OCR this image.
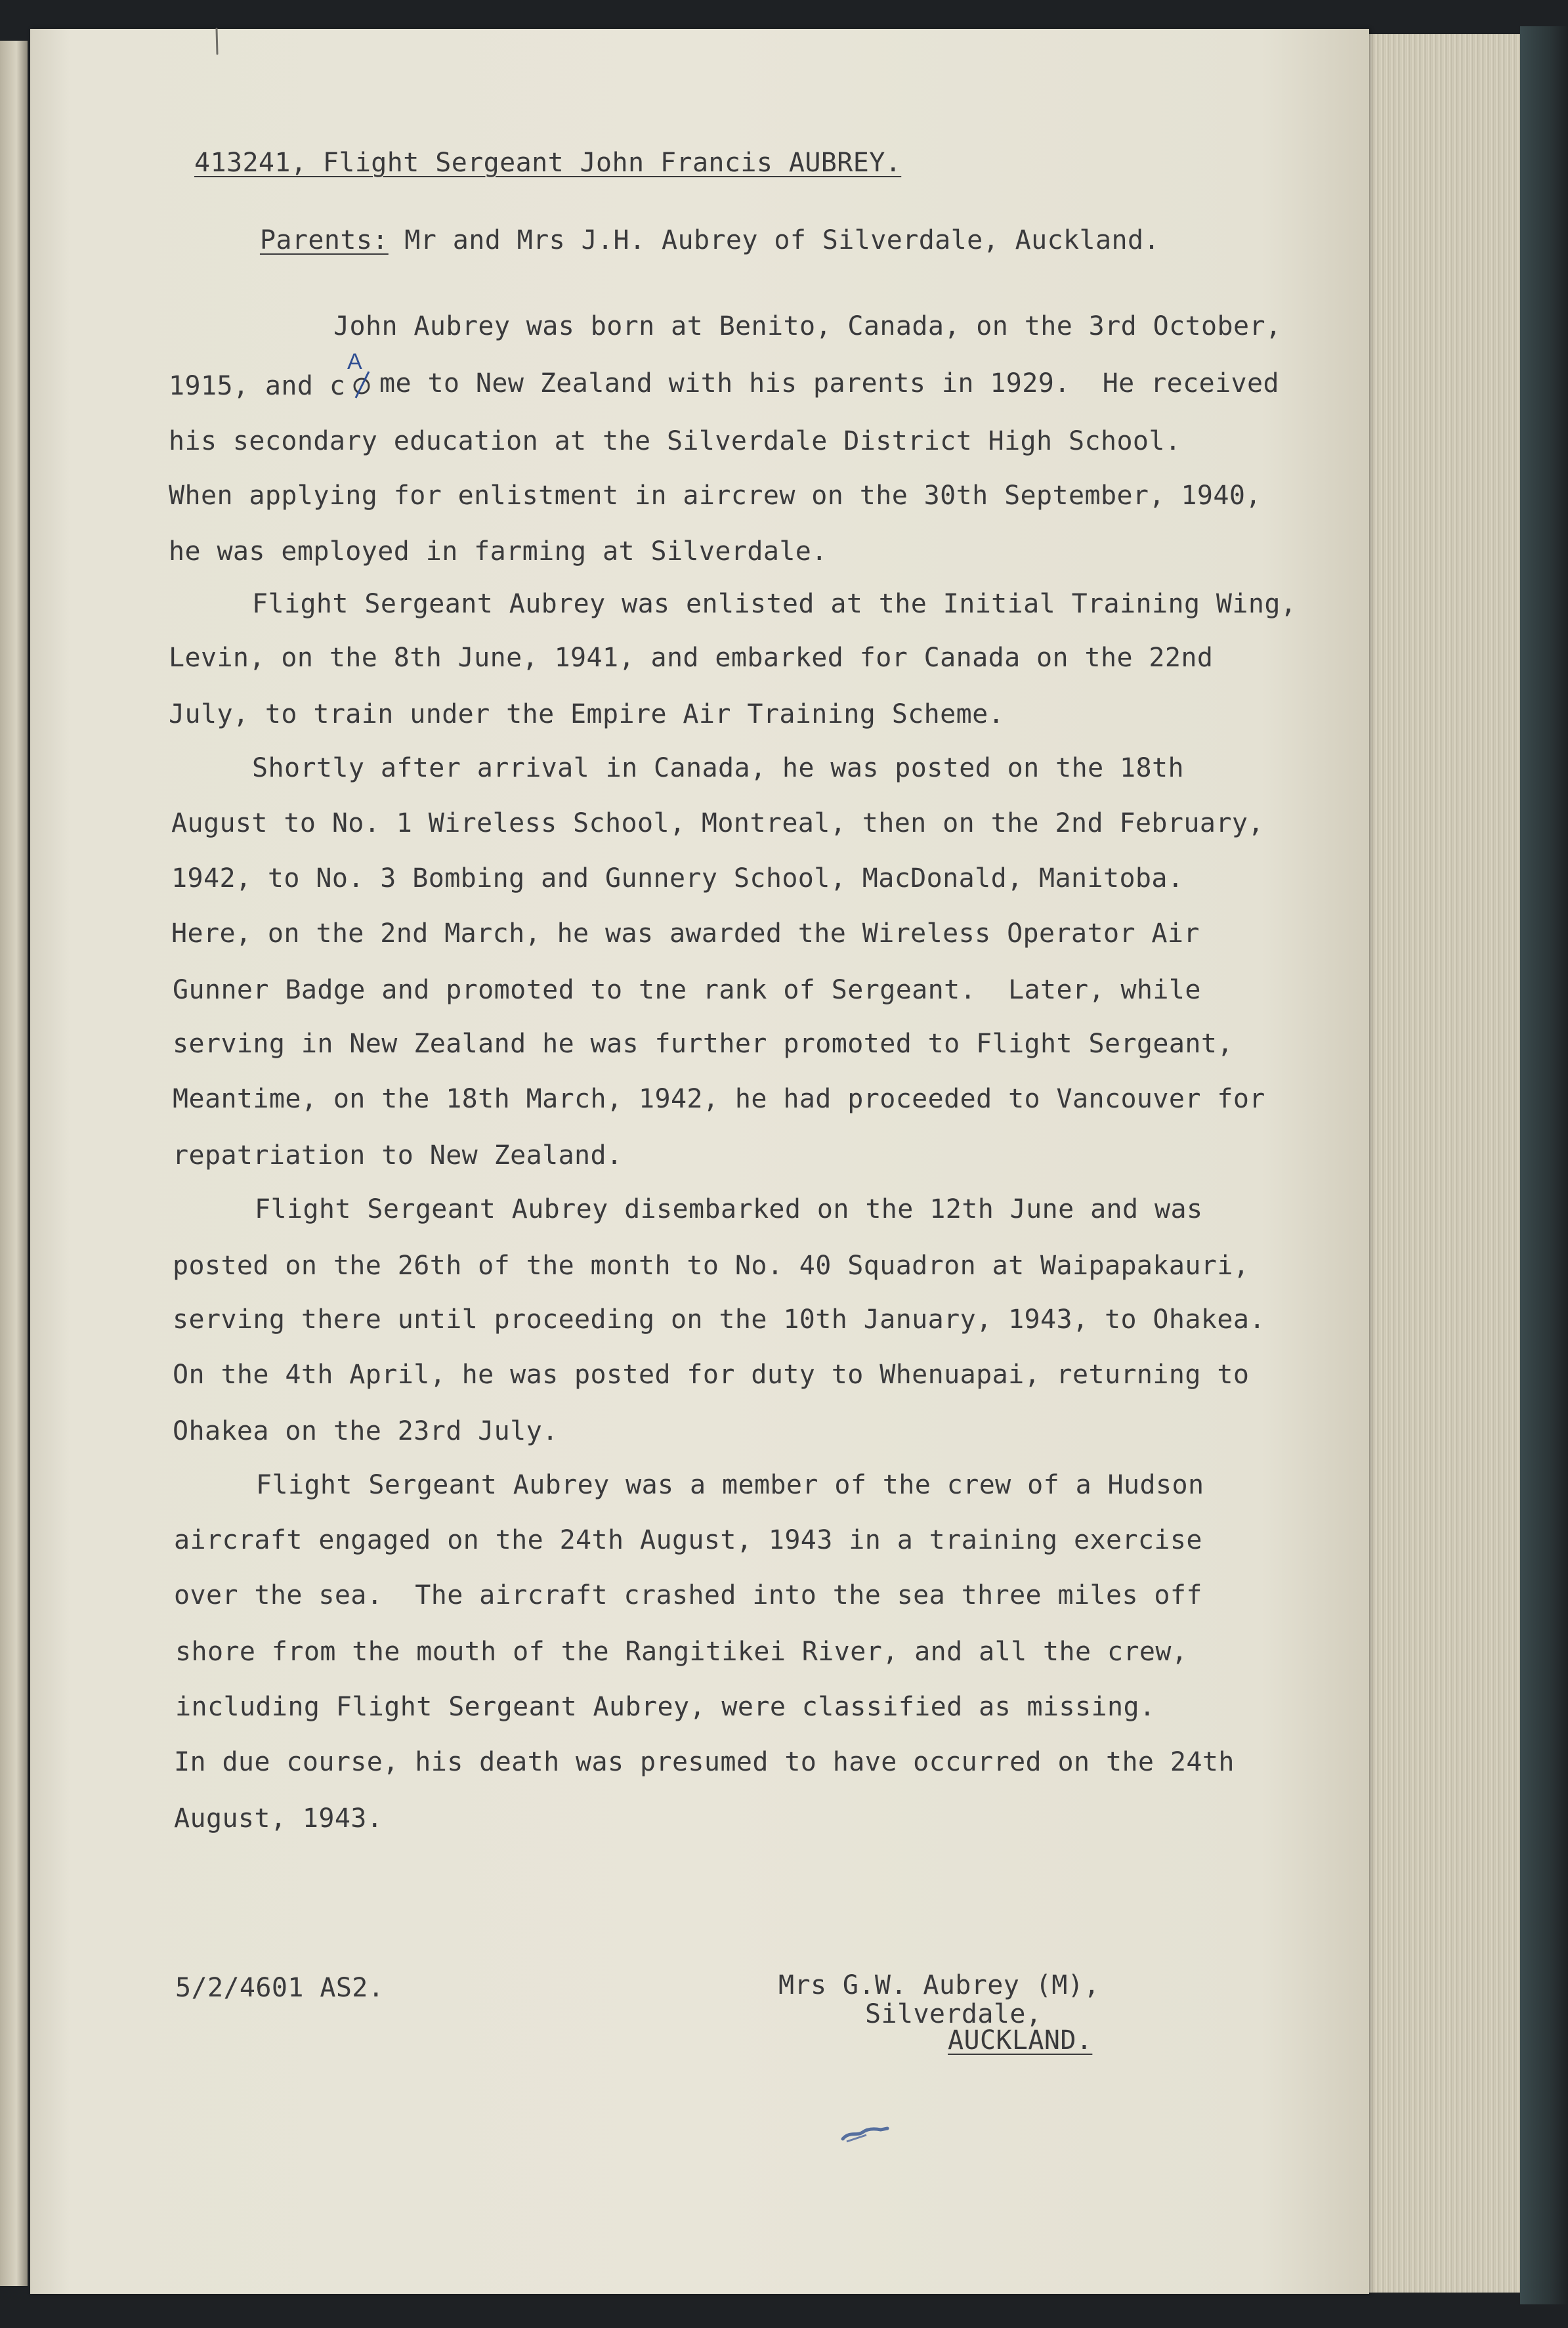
413241, Flight Sergeant John Francis AUBREY.

Parents: Mr and Mrs J.H. Aubrey of Silverdale, Auckland.

A
John Aubrey was born at Benito, Canada, on the 3rd October,
1915, and c me to New Zealand with his parents in 1929.  He received
his secondary education at the Silverdale District High School.
When applying for enlistment in aircrew on the 30th September, 1940,
he was employed in farming at Silverdale.
Flight Sergeant Aubrey was enlisted at the Initial Training Wing,
Levin, on the 8th June, 1941, and embarked for Canada on the 22nd
July, to train under the Empire Air Training Scheme.
Shortly after arrival in Canada, he was posted on the 18th
August to No. 1 Wireless School, Montreal, then on the 2nd February,
1942, to No. 3 Bombing and Gunnery School, MacDonald, Manitoba.
Here, on the 2nd March, he was awarded the Wireless Operator Air
Gunner Badge and promoted to tne rank of Sergeant.  Later, while
serving in New Zealand he was further promoted to Flight Sergeant,
Meantime, on the 18th March, 1942, he had proceeded to Vancouver for
repatriation to New Zealand.
Flight Sergeant Aubrey disembarked on the 12th June and was
posted on the 26th of the month to No. 40 Squadron at Waipapakauri,
serving there until proceeding on the 10th January, 1943, to Ohakea.
On the 4th April, he was posted for duty to Whenuapai, returning to
Ohakea on the 23rd July.
Flight Sergeant Aubrey was a member of the crew of a Hudson
aircraft engaged on the 24th August, 1943 in a training exercise
over the sea.  The aircraft crashed into the sea three miles off
shore from the mouth of the Rangitikei River, and all the crew,
including Flight Sergeant Aubrey, were classified as missing.
In due course, his death was presumed to have occurred on the 24th
August, 1943.
5/2/4601 AS2.	Mrs G.W. Aubrey (M),
Silverdale,
AUCKLAND.
